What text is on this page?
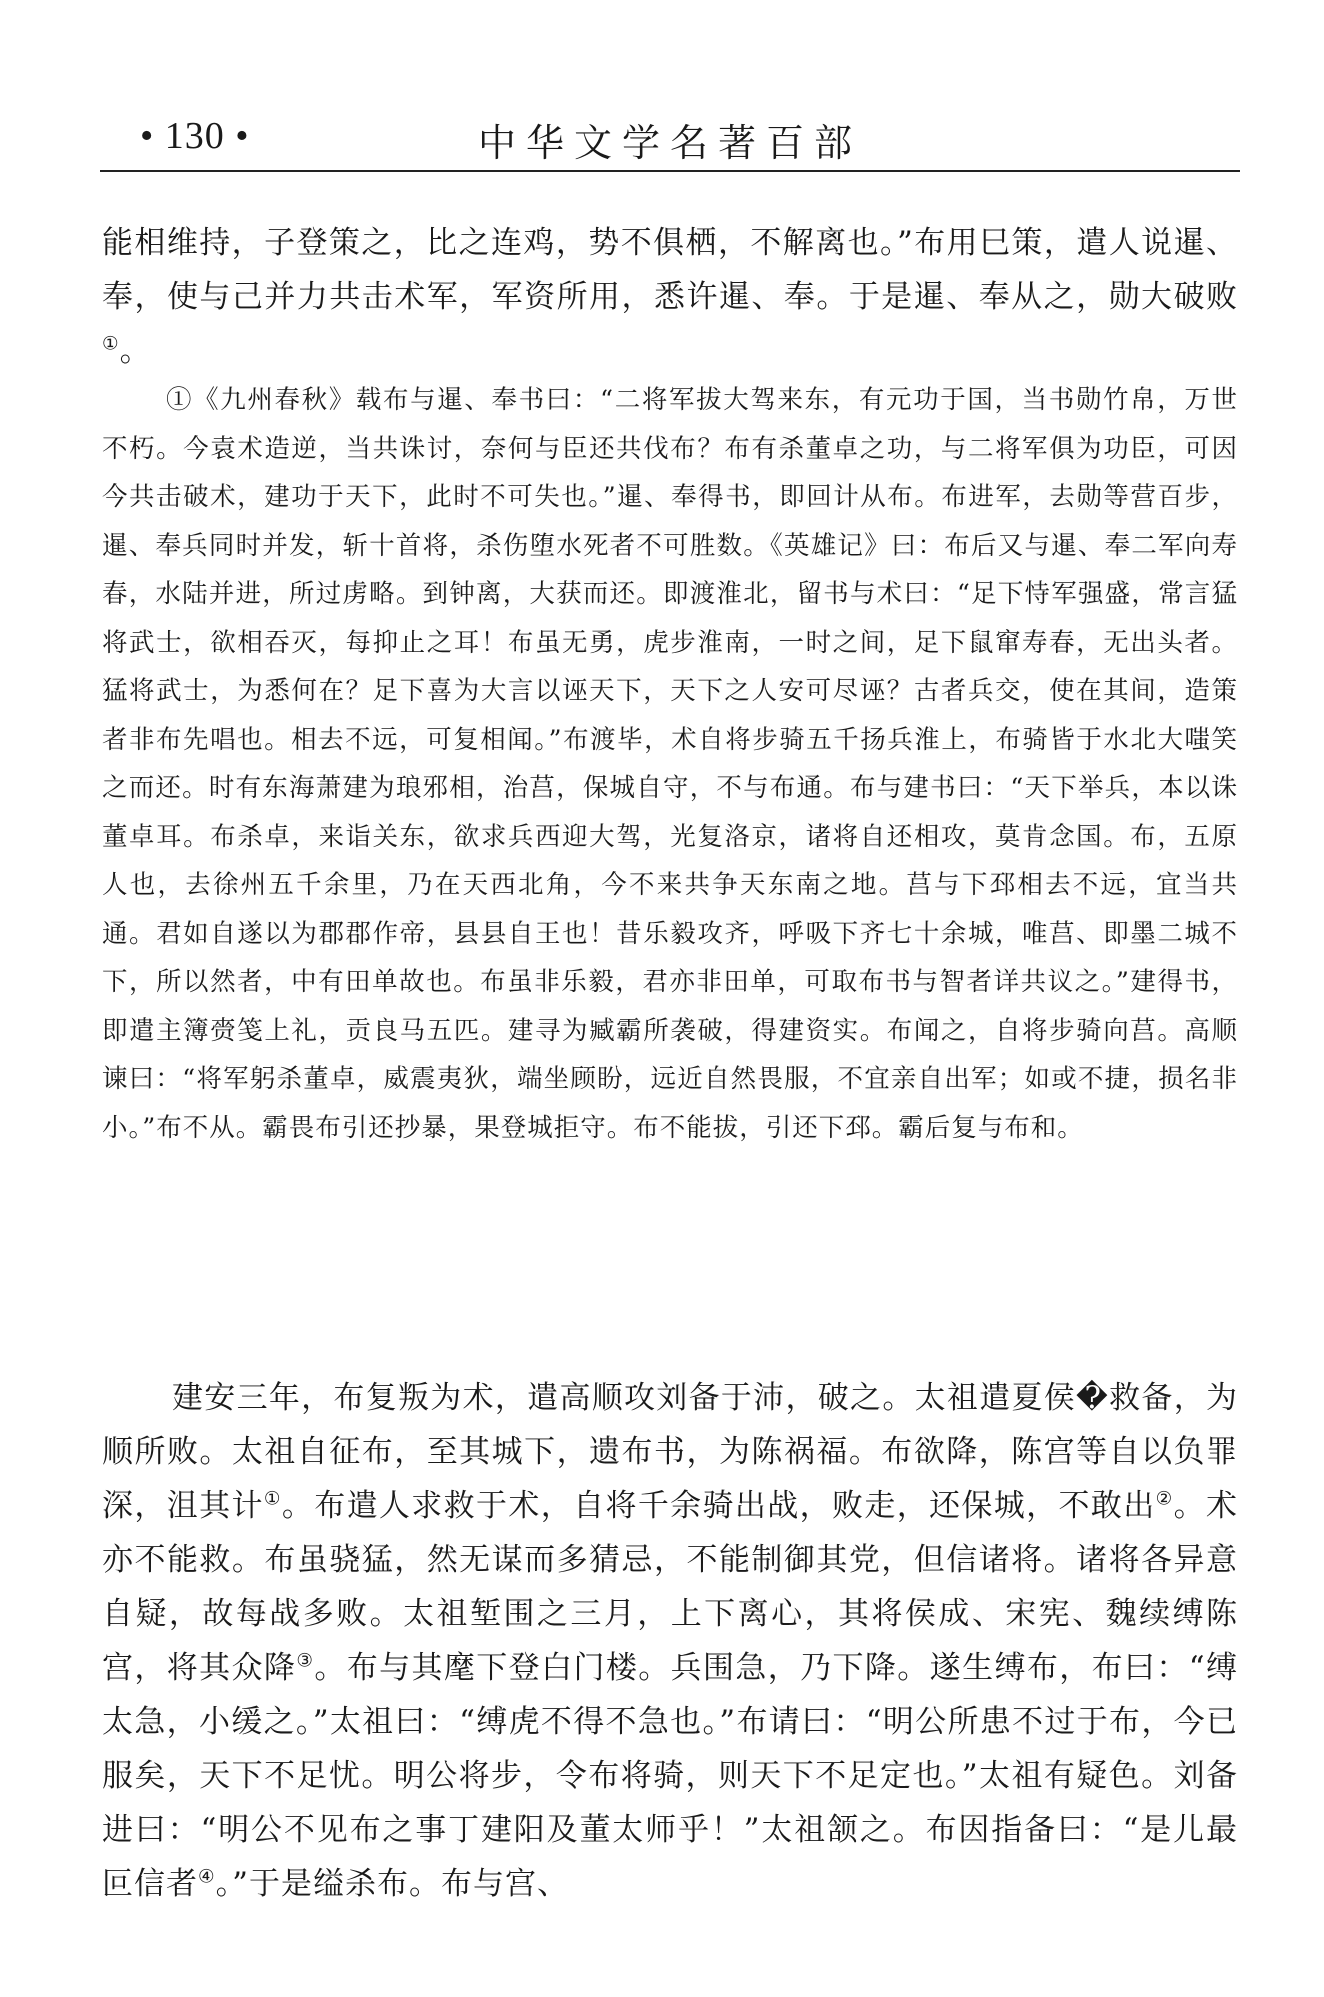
• 130 •	中华文学名著百部

能相维持，子登策之，比之连鸡，势不俱栖，不解离也。”布用巳策，遣人说暹、奉，使与己并力共击术军，军资所用，悉许暹、奉。于是暹、奉从之，勋大破败①。

①《九州春秋》载布与暹、奉书曰：“二将军拔大驾来东，有元功于国，当书勋竹帛，万世不朽。今袁术造逆，当共诛讨，奈何与臣还共伐布？布有杀董卓之功，与二将军俱为功臣，可因今共击破术，建功于天下，此时不可失也。”暹、奉得书，即回计从布。布进军，去勋等营百步，暹、奉兵同时并发，斩十首将，杀伤堕水死者不可胜数。《英雄记》曰：布后又与暹、奉二军向寿春，水陆并进，所过虏略。到钟离，大获而还。即渡淮北，留书与术曰：“足下恃军强盛，常言猛将武士，欲相吞灭，每抑止之耳！布虽无勇，虎步淮南，一时之间，足下鼠窜寿春，无出头者。猛将武士，为悉何在？足下喜为大言以诬天下，天下之人安可尽诬？古者兵交，使在其间，造策者非布先唱也。相去不远，可复相闻。”布渡毕，术自将步骑五千扬兵淮上，布骑皆于水北大嗤笑之而还。时有东海萧建为琅邪相，治莒，保城自守，不与布通。布与建书曰：“天下举兵，本以诛董卓耳。布杀卓，来诣关东，欲求兵西迎大驾，光复洛京，诸将自还相攻，莫肯念国。布，五原人也，去徐州五千余里，乃在天西北角，今不来共争天东南之地。莒与下邳相去不远，宜当共通。君如自遂以为郡郡作帝，县县自王也！昔乐毅攻齐，呼吸下齐七十余城，唯莒、即墨二城不下，所以然者，中有田单故也。布虽非乐毅，君亦非田单，可取布书与智者详共议之。”建得书，即遣主簿赍笺上礼，贡良马五匹。建寻为臧霸所袭破，得建资实。布闻之，自将步骑向莒。高顺谏曰：“将军躬杀董卓，威震夷狄，端坐顾盼，远近自然畏服，不宜亲自出军；如或不捷，损名非小。”布不从。霸畏布引还抄暴，果登城拒守。布不能拔，引还下邳。霸后复与布和。

建安三年，布复叛为术，遣高顺攻刘备于沛，破之。太祖遣夏侯�救备，为顺所败。太祖自征布，至其城下，遗布书，为陈祸福。布欲降，陈宫等自以负罪深，沮其计①。布遣人求救于术，自将千余骑出战，败走，还保城，不敢出②。术亦不能救。布虽骁猛，然无谋而多猜忌，不能制御其党，但信诸将。诸将各异意自疑，故每战多败。太祖堑围之三月，上下离心，其将侯成、宋宪、魏续缚陈宫，将其众降③。布与其麾下登白门楼。兵围急，乃下降。遂生缚布，布曰：“缚太急，小缓之。”太祖曰：“缚虎不得不急也。”布请曰：“明公所患不过于布，今已服矣，天下不足忧。明公将步，令布将骑，则天下不足定也。”太祖有疑色。刘备进曰：“明公不见布之事丁建阳及董太师乎！”太祖颔之。布因指备曰：“是儿最叵信者④。”于是缢杀布。布与宫、
